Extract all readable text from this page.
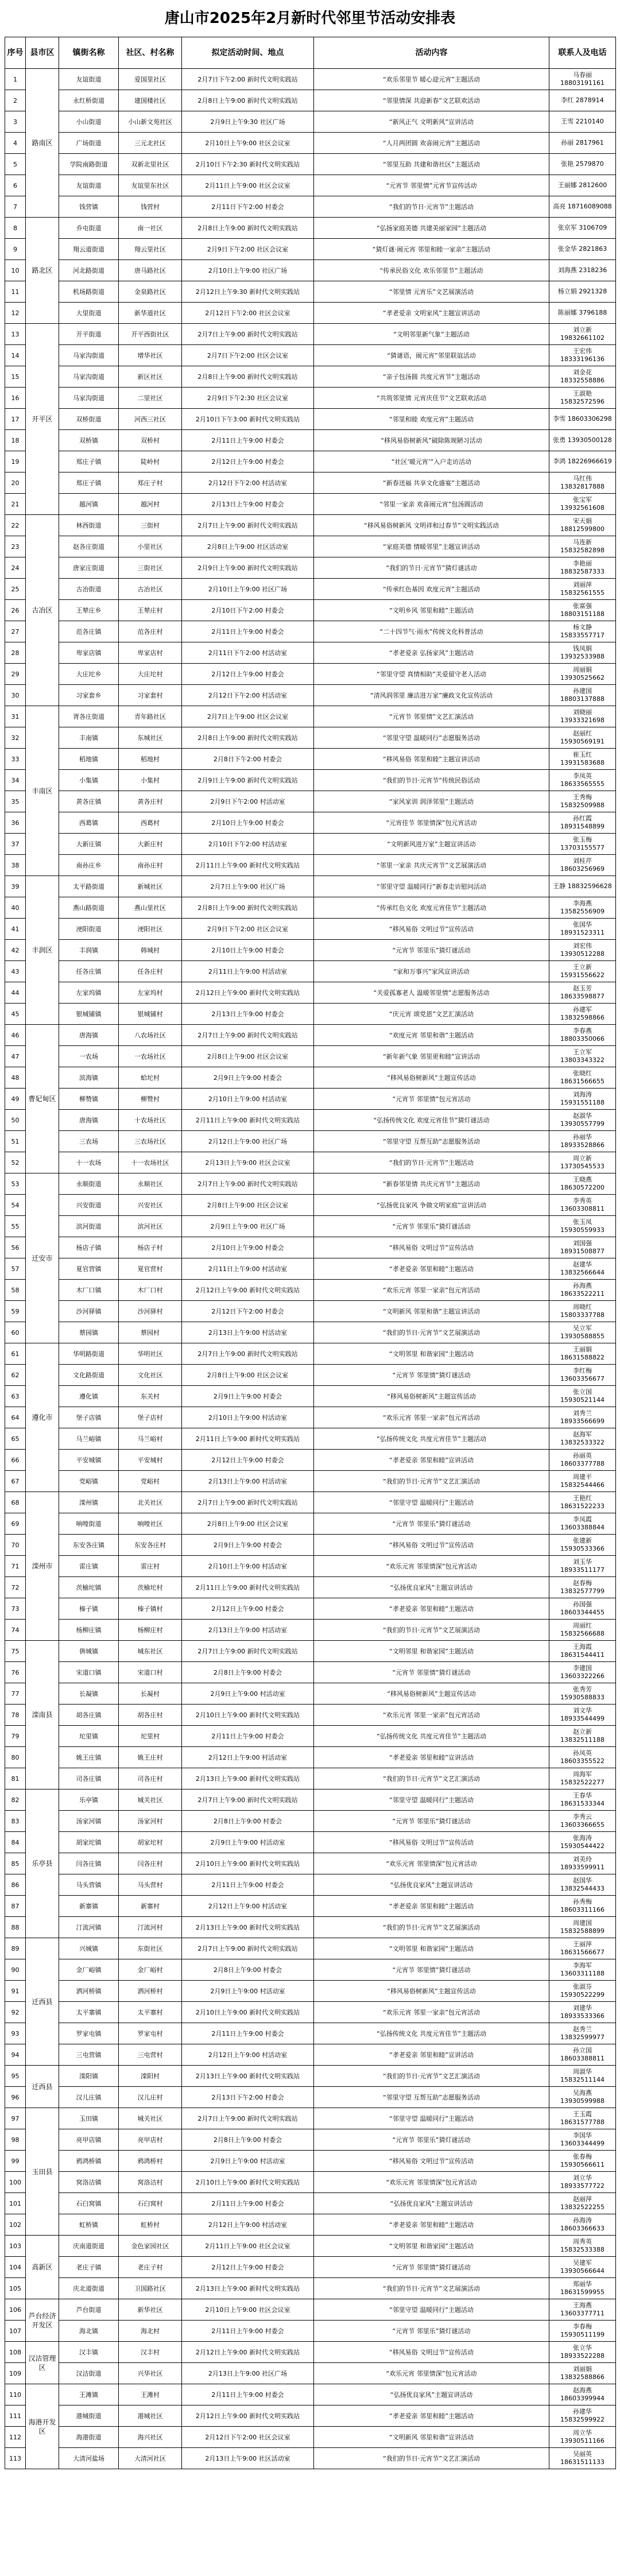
唐山市2025年2月新时代邻里节活动安排表
序号	县市区	镇街名称	社区、村名称	拟定活动时间、地点	活动内容	联系人及电话
1	路南区	友谊街道	爱国里社区	2月7日下午2:00 新时代文明实践站	“欢乐邻里节 暖心迎元宵”主题活动	马春丽 18803191161
2		永红桥街道	建国楼社区	2月8日上午9:00 新时代文明实践站	“邻里情深 共迎新春”文艺联欢活动	李红 2878914
3		小山街道	小山新文苑社区	2月9日上午9:30 社区广场	“新风正气 文明新风”宣讲活动	王雪 2210140
4		广场街道	三元北社区	2月10日上午9:00 社区会议室	“人月两团圆 欢喜闹元宵”主题活动	孙丽 2817961
5		学院南路街道	双新北里社区	2月10日下午2:30 新时代文明实践站	“邻里互助 共建和谐社区”主题活动	张艳 2579870
6		友谊街道	友谊里东社区	2月11日上午9:00 社区会议室	“元宵节 邻里情”元宵节宣传活动	王丽娜 2812600
7		钱营镇	钱营村	2月11日下午2:00 村委会	“我们的节日·元宵节”主题活动	高亮 18716089088
8	路北区	乔屯街道	南一社区	2月8日上午9:00 新时代文明实践站	“弘扬家庭美德 共建美丽家园”主题活动	张京军 3106709
9		翔云道街道	翔云里社区	2月9日下午2:00 社区会议室	“猜灯谜·闹元宵 邻里和睦一家亲”主题活动	张金华 2821863
10		河北路街道	唐马路社区	2月10日上午9:00 社区广场	“传承民俗文化 欢乐邻里节”主题活动	刘海燕 2318236
11		机场路街道	金泉路社区	2月12日上午9:30 新时代文明实践站	“邻里情 元宵乐”文艺展演活动	杨立娟 2921328
12		大里街道	新华道社区	2月12日下午2:00 社区会议室	“孝老爱亲 文明家风”主题宣讲活动	陈丽娜 3796188
13	开平区	开平街道	开平西街社区	2月7日上午9:00 新时代文明实践站	“文明邻里新气象”主题活动	刘立新 19832661102
14		马家沟街道	增华社区	2月7日下午2:00 社区会议室	“猜谜语，闹元宵”邻里联谊活动	王宏伟 18333196136
15		马家沟街道	新区社区	2月8日上午9:00 新时代文明实践站	“亲子包汤圆 共度元宵节”主题活动	刘金花 18332558886
16		马家沟街道	二里社区	2月9日下午2:30 社区会议室	“共筑邻里情 元宵庆佳节”文艺联欢活动	王淑艳 15832572596
17		双桥街道	河西三社区	2月10日下午3:00 新时代文明实践站	“邻里和睦 欢度元宵”主题活动	李雪 18603306298
18		双桥镇	双桥村	2月11日上午9:00 村委会	“移风易俗树新风”破除陈规陋习活动	张勇 13930500128
19		郑庄子镇	陡岭村	2月12日上午9:00 村委会	“社区‘暖元宵’”入户走访活动	李鸿 18226966619
20		郑庄子镇	郑庄子村	2月12日下午2:00 村活动室	“新春送福 共享文化盛宴”主题活动	马红伟 13832817888
21		越河镇	越河村	2月13日上午9:00 村委会	“邻里一家亲 欢喜闹元宵”包汤圆活动	张宝军 13932561608
22	古冶区	林西街道	三街村	2月7日上午9:00 新时代文明实践站	“移风易俗树新风 文明祥和过春节”文明实践活动	宋天娟 18812599800
23		赵各庄街道	小里社区	2月8日上午9:00 社区活动室	“家庭美德 情暖邻里”主题宣讲活动	马连新 15832582898
24		唐家庄街道	三街社区	2月9日上午9:00 新时代文明实践站	“我们的节日·元宵节”猜灯谜活动	李艳丽 18832587333
25		古冶街道	古冶社区	2月10日上午9:00 社区广场	“传承红色基因 欢度元宵”主题活动	刘丽萍 15832561555
26		王辇庄乡	王辇庄村	2月10日下午2:00 村委会	“文明乡风 邻里和睦”主题活动	张富强 18803151188
27		范各庄镇	范各庄村	2月11日上午9:00 村委会	“二十四节气·雨水”传统文化科普活动	杨文静 15833557717
28		卑家店镇	卑家店村	2月11日下午2:00 村活动室	“孝老爱亲 弘扬家风”主题活动	钱凤娟 13932533988
29		大庄坨乡	大庄坨村	2月12日上午9:00 村委会	“邻里守望 真情相助”关爱留守老人活动	周丽娟 13930525662
30		习家套乡	习家套村	2月12日下午2:00 村活动室	“清风润邻里 廉洁进万家”廉政文化宣传活动	孙建国 18803137888
31	丰南区	胥各庄街道	青年路社区	2月7日上午9:00 社区会议室	“元宵节 邻里情”文艺汇演活动	刘晓丽 13933321698
32		丰南镇	东城社区	2月8日上午9:00 新时代文明实践站	“邻里守望 温暖同行”志愿服务活动	赵丽红 15930569191
33		稻地镇	稻地村	2月8日下午2:00 村委会	“移风易俗 邻里和睦”主题宣讲活动	崔玉红 13931583688
34		小集镇	小集村	2月9日上午9:00 新时代文明实践站	“我们的节日·元宵节”传统民俗活动	李凤英 18633565555
35		黄各庄镇	黄各庄村	2月9日下午2:00 村活动室	“家风家训 润泽邻里”主题活动	王秀梅 15832509988
36		西葛镇	西葛村	2月10日上午9:00 村委会	“元宵佳节 邻里情深”包元宵活动	孙红霞 18931548899
37		大新庄镇	大新庄村	2月10日下午2:00 村活动室	“文明新风进万家”主题宣讲活动	张玉梅 13703155577
38		南孙庄乡	南孙庄村	2月11日上午9:00 新时代文明实践站	“邻里一家亲 共庆元宵节”文艺展演活动	刘桂芹 18603256969
39	丰润区	太平路街道	新城社区	2月7日上午9:00 社区广场	“邻里守望 温暖同行”新春走访慰问活动	王静 18832596628
40		燕山路街道	燕山里社区	2月8日上午9:00 新时代文明实践站	“传承红色文化 欢度元宵佳节”主题活动	李海燕 13582556909
41		浭阳街道	浭阳社区	2月9日下午2:00 社区会议室	“移风易俗 文明过节”宣传活动	张国华 18931523311
42		丰润镇	韩城村	2月10日上午9:00 村委会	“元宵节 邻里乐”猜灯谜活动	刘宏伟 13930512288
43		任各庄镇	任各庄村	2月11日上午9:00 村活动室	“家和万事兴”家风宣讲活动	王立新 15931556622
44		左家坞镇	左家坞村	2月12日上午9:00 新时代文明实践站	“关爱孤寡老人 温暖邻里情”志愿服务活动	赵玉芳 18633598877
45		银城铺镇	银城铺村	2月13日上午9:00 村委会	“庆元宵 颂党恩”文艺汇演活动	孙建军 13832598866
46	曹妃甸区	唐海镇	八农场社区	2月7日上午9:00 新时代文明实践站	“欢度元宵 邻里和谐”主题活动	李春燕 18803350066
47		一农场	一农场社区	2月8日上午9:00 社区会议室	“新年新气象 邻里更和睦”宣讲活动	王立军 13803343322
48		滨海镇	蛤坨村	2月9日上午9:00 村委会	“移风易俗树新风”主题宣传活动	张晓红 18631566655
49		柳赞镇	柳赞村	2月10日上午9:00 村活动室	“元宵节 邻里情”包元宵活动	刘海涛 15931551188
50		唐海镇	十农场社区	2月11日上午9:00 新时代文明实践站	“弘扬传统文化 欢度元宵佳节”猜灯谜活动	赵淑华 13930557799
51		三农场	三农场社区	2月12日上午9:00 社区广场	“邻里守望 互帮互助”志愿服务活动	孙丽华 18933528866
52		十一农场	十一农场社区	2月13日上午9:00 社区会议室	“我们的节日·元宵节”主题活动	周立新 13730545533
53	迁安市	永顺街道	永顺社区	2月7日上午9:00 新时代文明实践站	“新春邻里情 共庆元宵节”主题活动	王晓燕 18630572200
54		兴安街道	兴安社区	2月8日上午9:00 社区会议室	“弘扬优良家风 争做文明家庭”宣讲活动	李秀英 13603308811
55		滨河街道	滨河社区	2月9日上午9:00 社区广场	“元宵节 邻里乐”猜灯谜活动	张玉凤 15930559933
56		杨店子镇	杨店子村	2月10日上午9:00 村委会	“移风易俗 文明过节”宣传活动	刘国强 18931508877
57		夏官营镇	夏官营村	2月11日上午9:00 村活动室	“孝老爱亲 邻里和睦”主题活动	赵建华 13832566644
58		木厂口镇	木厂口村	2月12日上午9:00 新时代文明实践站	“欢乐元宵 邻里一家亲”包元宵活动	孙海燕 18633522211
59		沙河驿镇	沙河驿村	2月12日下午2:00 村委会	“文明新风 邻里和谐”主题宣讲活动	周晓红 15803337788
60		蔡园镇	蔡园村	2月13日上午9:00 村活动室	“我们的节日·元宵节”文艺展演活动	吴立军 13930588855
61	遵化市	华明路街道	华明社区	2月7日上午9:00 新时代文明实践站	“文明邻里 和谐家园”主题活动	王丽娟 18631588822
62		文化路街道	文化社区	2月8日上午9:00 社区会议室	“元宵节 邻里情”猜灯谜活动	李红梅 13603356677
63		遵化镇	东关村	2月9日上午9:00 村委会	“移风易俗树新风”主题宣传活动	张立国 15930521144
64		堡子店镇	堡子店村	2月10日上午9:00 村活动室	“欢乐元宵 邻里一家亲”包元宵活动	刘秀兰 18933566699
65		马兰峪镇	马兰峪村	2月11日上午9:00 新时代文明实践站	“弘扬传统文化 共度元宵佳节”主题活动	赵海军 13832533322
66		平安城镇	平安城村	2月12日上午9:00 村委会	“孝老爱亲 邻里和睦”宣讲活动	孙丽英 18603377788
67		党峪镇	党峪村	2月13日上午9:00 村活动室	“我们的节日·元宵节”文艺汇演活动	周建平 15832544466
68	滦州市	滦州镇	北关社区	2月7日上午9:00 新时代文明实践站	“邻里守望 温暖同行”主题活动	王艳红 18631522233
69		响嘡街道	响嘡社区	2月8日上午9:00 社区会议室	“元宵节 邻里乐”猜灯谜活动	李凤霞 13603388844
70		东安各庄镇	东安各庄村	2月9日上午9:00 村委会	“移风易俗 文明过节”宣传活动	张建新 15930533366
71		雷庄镇	雷庄村	2月10日上午9:00 村活动室	“欢乐元宵 邻里情深”包元宵活动	刘玉华 18933511177
72		茨榆坨镇	茨榆坨村	2月11日上午9:00 新时代文明实践站	“弘扬优良家风”主题宣讲活动	赵春梅 13832577799
73		榛子镇	榛子镇村	2月12日上午9:00 村委会	“孝老爱亲 邻里和睦”主题活动	孙国强 18603344455
74		杨柳庄镇	杨柳庄村	2月13日上午9:00 村活动室	“我们的节日·元宵节”文艺展演活动	周丽红 15832566688
75	滦南县	倴城镇	城东社区	2月7日上午9:00 新时代文明实践站	“文明邻里 和谐家园”主题活动	王海霞 18631544411
76		宋道口镇	宋道口村	2月8日上午9:00 村委会	“元宵节 邻里情”猜灯谜活动	李建国 13603322266
77		长凝镇	长凝村	2月9日上午9:00 村活动室	“移风易俗树新风”主题宣传活动	张秀芳 15930588833
78		胡各庄镇	胡各庄村	2月10日上午9:00 新时代文明实践站	“欢乐元宵 邻里一家亲”包元宵活动	刘文华 18933544499
79		坨里镇	坨里村	2月11日上午9:00 村委会	“弘扬传统文化 共度元宵佳节”主题活动	赵立新 13832511188
80		姚王庄镇	姚王庄村	2月12日上午9:00 村活动室	“孝老爱亲 邻里和睦”宣讲活动	孙凤英 18603355522
81		司各庄镇	司各庄村	2月13日上午9:00 新时代文明实践站	“我们的节日·元宵节”文艺汇演活动	周海军 15832522277
82	乐亭县	乐亭镇	城关社区	2月7日上午9:00 新时代文明实践站	“邻里守望 温暖同行”主题活动	王春华 18631533344
83		汤家河镇	汤家河村	2月8日上午9:00 村委会	“元宵节 邻里乐”猜灯谜活动	李秀云 13603366655
84		胡家坨镇	胡家坨村	2月9日上午9:00 村活动室	“移风易俗 文明过节”宣传活动	张海涛 15930544422
85		闫各庄镇	闫各庄村	2月10日上午9:00 新时代文明实践站	“欢乐元宵 邻里情深”包元宵活动	刘美玲 18933599911
86		马头营镇	马头营村	2月11日上午9:00 村委会	“弘扬优良家风”主题宣讲活动	赵国华 13832544433
87		新寨镇	新寨村	2月12日上午9:00 村活动室	“孝老爱亲 邻里和睦”主题活动	孙秀梅 18603311166
88		汀流河镇	汀流河村	2月13日上午9:00 新时代文明实践站	“我们的节日·元宵节”文艺展演活动	周建国 15832588899
89	迁西县	兴城镇	东街社区	2月7日上午9:00 新时代文明实践站	“文明邻里 和谐家园”主题活动	王丽萍 18631566677
90		金厂峪镇	金厂峪村	2月8日上午9:00 村委会	“元宵节 邻里情”猜灯谜活动	李海军 13603311188
91		洒河桥镇	洒河桥村	2月9日上午9:00 村活动室	“移风易俗树新风”主题宣传活动	张淑芬 15930522299
92		太平寨镇	太平寨村	2月10日上午9:00 新时代文明实践站	“欢乐元宵 邻里一家亲”包元宵活动	刘建华 18933533366
93		罗家屯镇	罗家屯村	2月11日上午9:00 村委会	“弘扬传统文化 共度元宵佳节”主题活动	赵秀兰 13832599977
94		三屯营镇	三屯营村	2月12日上午9:00 村活动室	“孝老爱亲 邻里和睦”宣讲活动	孙立国 18603388811
95	迁西县	滦阳镇	滦阳村	2月13日上午9:00 新时代文明实践站	“我们的节日·元宵节”文艺汇演活动	周淑华 15832511144
96		汉儿庄镇	汉儿庄村	2月13日下午2:00 村委会	“邻里守望 互帮互助”志愿服务活动	吴海燕 13930599988
97	玉田县	玉田镇	城关社区	2月7日上午9:00 新时代文明实践站	“邻里守望 温暖同行”主题活动	王玉霞 18631577788
98		亮甲店镇	亮甲店村	2月8日上午9:00 村委会	“元宵节 邻里乐”猜灯谜活动	李国华 13603344499
99		鸦鸿桥镇	鸦鸿桥村	2月9日上午9:00 村活动室	“移风易俗 文明过节”宣传活动	张春梅 15930566611
100		窝洛沽镇	窝洛沽村	2月10日上午9:00 新时代文明实践站	“欢乐元宵 邻里情深”包元宵活动	刘立华 18933577722
101		石臼窝镇	石臼窝村	2月11日上午9:00 村委会	“弘扬优良家风”主题宣讲活动	赵丽萍 13832522255
102		虹桥镇	虹桥村	2月12日上午9:00 村活动室	“孝老爱亲 邻里和睦”主题活动	孙海涛 18603366633
103	高新区	庆南道街道	金色家园社区	2月11日上午9:00 社区会议室	“文明邻里 和谐家园”主题活动	周秀英 15832533388
104		老庄子镇	老庄子村	2月12日上午9:00 村委会	“元宵节 邻里情”猜灯谜活动	吴建军 13930566644
105		庆北道街道	卫国路社区	2月13日上午9:00 新时代文明实践站	“我们的节日·元宵节”文艺展演活动	郑丽华 18631599955
106	芦台经济开发区	芦台街道	新华社区	2月10日上午9:00 社区会议室	“邻里守望 温暖同行”主题活动	王海燕 13603377711
107		海北镇	海北村	2月11日上午9:00 村委会	“元宵节 邻里乐”猜灯谜活动	李春梅 15930511199
108	汉沽管理区	汉丰镇	汉丰村	2月12日上午9:00 新时代文明实践站	“移风易俗 文明过节”宣传活动	张立华 18933522288
109		汉沽街道	兴华社区	2月13日上午9:00 社区广场	“欢乐元宵 邻里情深”包元宵活动	刘丽娟 13832588866
110	海港开发区	王滩镇	王滩村	2月11日上午9:00 村委会	“弘扬优良家风”主题宣讲活动	赵海燕 18603399944
111		港城街道	港城社区	2月12日上午9:00 新时代文明实践站	“孝老爱亲 邻里和睦”主题活动	孙建华 15832599922
112		海港街道	海兴社区	2月12日下午2:00 社区会议室	“文明新风 邻里和谐”宣讲活动	周立华 13930511166
113		大清河盐场	大清河社区	2月13日上午9:00 社区活动室	“我们的节日·元宵节”文艺汇演活动	吴丽英 18631511133
